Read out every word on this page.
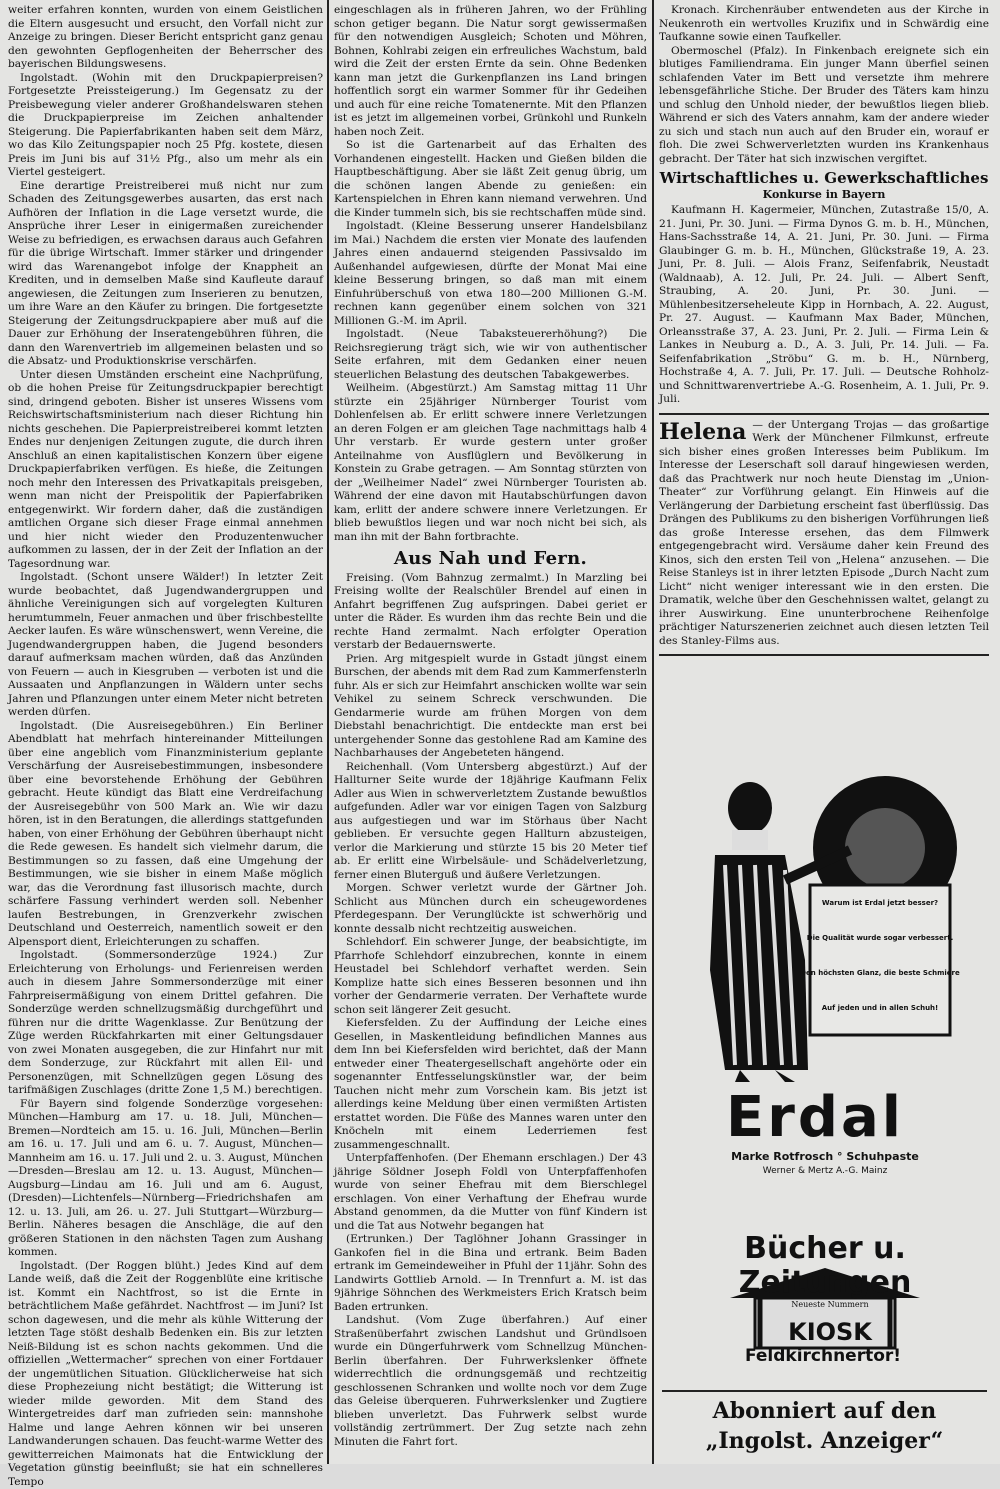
weiter erfahren konnten, wurden von einem Geistlichen die Eltern ausgesucht und ersucht, den Vorfall nicht zur Anzeige zu bringen. Dieser Bericht entspricht ganz genau den gewohnten Gepflogenheiten der Beherrscher des bayerischen Bildungswesens.

Ingolstadt. (Wohin mit den Druckpapierpreisen? Fortgesetzte Preissteigerung.) Im Gegensatz zu der Preisbewegung vieler anderer Großhandelswaren stehen die Druckpapierpreise im Zeichen anhaltender Steigerung. Die Papierfabrikanten haben seit dem März, wo das Kilo Zeitungspapier noch 25 Pfg. kostete, diesen Preis im Juni bis auf 31½ Pfg., also um mehr als ein Viertel gesteigert.

Eine derartige Preistreiberei muß nicht nur zum Schaden des Zeitungsgewerbes ausarten, das erst nach Aufhören der Inflation in die Lage versetzt wurde, die Ansprüche ihrer Leser in einigermaßen zureichender Weise zu befriedigen, es erwachsen daraus auch Gefahren für die übrige Wirtschaft. Immer stärker und dringender wird das Warenangebot infolge der Knappheit an Krediten, und in demselben Maße sind Kaufleute darauf angewiesen, die Zeitungen zum Inserieren zu benutzen, um ihre Ware an den Käufer zu bringen. Die fortgesetzte Steigerung der Zeitungsdruckpapiere aber muß auf die Dauer zur Erhöhung der Inseratengebühren führen, die dann den Warenvertrieb im allgemeinen belasten und so die Absatz- und Produktionskrise verschärfen.

Unter diesen Umständen erscheint eine Nachprüfung, ob die hohen Preise für Zeitungsdruckpapier berechtigt sind, dringend geboten. Bisher ist unseres Wissens vom Reichswirtschaftsministerium nach dieser Richtung hin nichts geschehen. Die Papierpreistreiberei kommt letzten Endes nur denjenigen Zeitungen zugute, die durch ihren Anschluß an einen kapitalistischen Konzern über eigene Druckpapierfabriken verfügen. Es hieße, die Zeitungen noch mehr den Interessen des Privatkapitals preisgeben, wenn man nicht der Preispolitik der Papierfabriken entgegenwirkt. Wir fordern daher, daß die zuständigen amtlichen Organe sich dieser Frage einmal annehmen und hier nicht wieder den Produzentenwucher aufkommen zu lassen, der in der Zeit der Inflation an der Tagesordnung war.

Ingolstadt. (Schont unsere Wälder!) In letzter Zeit wurde beobachtet, daß Jugendwandergruppen und ähnliche Vereinigungen sich auf vorgelegten Kulturen herumtummeln, Feuer anmachen und über frischbestellte Aecker laufen. Es wäre wünschenswert, wenn Vereine, die Jugendwandergruppen haben, die Jugend besonders darauf aufmerksam machen würden, daß das Anzünden von Feuern — auch in Kiesgruben — verboten ist und die Aussaaten und Anpflanzungen in Wäldern unter sechs Jahren und Pflanzungen unter einem Meter nicht betreten werden dürfen.

Ingolstadt. (Die Ausreisegebühren.) Ein Berliner Abendblatt hat mehrfach hintereinander Mitteilungen über eine angeblich vom Finanzministerium geplante Verschärfung der Ausreisebestimmungen, insbesondere über eine bevorstehende Erhöhung der Gebühren gebracht. Heute kündigt das Blatt eine Verdreifachung der Ausreisegebühr von 500 Mark an. Wie wir dazu hören, ist in den Beratungen, die allerdings stattgefunden haben, von einer Erhöhung der Gebühren überhaupt nicht die Rede gewesen. Es handelt sich vielmehr darum, die Bestimmungen so zu fassen, daß eine Umgehung der Bestimmungen, wie sie bisher in einem Maße möglich war, das die Verordnung fast illusorisch machte, durch schärfere Fassung verhindert werden soll. Nebenher laufen Bestrebungen, in Grenzverkehr zwischen Deutschland und Oesterreich, namentlich soweit er den Alpensport dient, Erleichterungen zu schaffen.

Ingolstadt. (Sommersonderzüge 1924.) Zur Erleichterung von Erholungs- und Ferienreisen werden auch in diesem Jahre Sommersonderzüge mit einer Fahrpreisermäßigung von einem Drittel gefahren. Die Sonderzüge werden schnellzugsmäßig durchgeführt und führen nur die dritte Wagenklasse. Zur Benützung der Züge werden Rückfahrkarten mit einer Geltungsdauer von zwei Monaten ausgegeben, die zur Hinfahrt nur mit dem Sonderzuge, zur Rückfahrt mit allen Eil- und Personenzügen, mit Schnellzügen gegen Lösung des tarifmäßigen Zuschlages (dritte Zone 1,5 M.) berechtigen.

Für Bayern sind folgende Sonderzüge vorgesehen: München—Hamburg am 17. u. 18. Juli, München—Bremen—Nordteich am 15. u. 16. Juli, München—Berlin am 16. u. 17. Juli und am 6. u. 7. August, München—Mannheim am 16. u. 17. Juli und 2. u. 3. August, München—Dresden—Breslau am 12. u. 13. August, München—Augsburg—Lindau am 16. Juli und am 6. August, (Dresden)—Lichtenfels—Nürnberg—Friedrichshafen am 12. u. 13. Juli, am 26. u. 27. Juli Stuttgart—Würzburg—Berlin. Näheres besagen die Anschläge, die auf den größeren Stationen in den nächsten Tagen zum Aushang kommen.

Ingolstadt. (Der Roggen blüht.) Jedes Kind auf dem Lande weiß, daß die Zeit der Roggenblüte eine kritische ist. Kommt ein Nachtfrost, so ist die Ernte in beträchtlichem Maße gefährdet. Nachtfrost — im Juni? Ist schon dagewesen, und die mehr als kühle Witterung der letzten Tage stößt deshalb Bedenken ein. Bis zur letzten Neiß-Bildung ist es schon nachts gekommen. Und die offiziellen „Wettermacher“ sprechen von einer Fortdauer der ungemütlichen Situation. Glücklicherweise hat sich diese Prophezeiung nicht bestätigt; die Witterung ist wieder milde geworden. Mit dem Stand des Wintergetreides darf man zufrieden sein: mannshohe Halme und lange Aehren können wir bei unseren Landwanderungen schauen. Das feucht-warme Wetter des gewitterreichen Maimonats hat die Entwicklung der Vegetation günstig beeinflußt; sie hat ein schnelleres Tempo

eingeschlagen als in früheren Jahren, wo der Frühling schon getiger begann. Die Natur sorgt gewissermaßen für den notwendigen Ausgleich; Schoten und Möhren, Bohnen, Kohlrabi zeigen ein erfreuliches Wachstum, bald wird die Zeit der ersten Ernte da sein. Ohne Bedenken kann man jetzt die Gurkenpflanzen ins Land bringen hoffentlich sorgt ein warmer Sommer für ihr Gedeihen und auch für eine reiche Tomatenernte. Mit den Pflanzen ist es jetzt im allgemeinen vorbei, Grünkohl und Runkeln haben noch Zeit.

So ist die Gartenarbeit auf das Erhalten des Vorhandenen eingestellt. Hacken und Gießen bilden die Hauptbeschäftigung. Aber sie läßt Zeit genug übrig, um die schönen langen Abende zu genießen: ein Kartenspielchen in Ehren kann niemand verwehren. Und die Kinder tummeln sich, bis sie rechtschaffen müde sind.

Ingolstadt. (Kleine Besserung unserer Handelsbilanz im Mai.) Nachdem die ersten vier Monate des laufenden Jahres einen andauernd steigenden Passivsaldo im Außenhandel aufgewiesen, dürfte der Monat Mai eine kleine Besserung bringen, so daß man mit einem Einfuhrüberschuß von etwa 180—200 Millionen G.-M. rechnen kann gegenüber einem solchen von 321 Millionen G.-M. im April.

Ingolstadt. (Neue Tabaksteuererhöhung?) Die Reichsregierung trägt sich, wie wir von authentischer Seite erfahren, mit dem Gedanken einer neuen steuerlichen Belastung des deutschen Tabakgewerbes.

Weilheim. (Abgestürzt.) Am Samstag mittag 11 Uhr stürzte ein 25jähriger Nürnberger Tourist vom Dohlenfelsen ab. Er erlitt schwere innere Verletzungen an deren Folgen er am gleichen Tage nachmittags halb 4 Uhr verstarb. Er wurde gestern unter großer Anteilnahme von Ausflüglern und Bevölkerung in Konstein zu Grabe getragen. — Am Sonntag stürzten von der „Weilheimer Nadel“ zwei Nürnberger Touristen ab. Während der eine davon mit Hautabschürfungen davon kam, erlitt der andere schwere innere Verletzungen. Er blieb bewußtlos liegen und war noch nicht bei sich, als man ihn mit der Bahn fortbrachte.

Aus Nah und Fern.

Freising. (Vom Bahnzug zermalmt.) In Marzling bei Freising wollte der Realschüler Brendel auf einen in Anfahrt begriffenen Zug aufspringen. Dabei geriet er unter die Räder. Es wurden ihm das rechte Bein und die rechte Hand zermalmt. Nach erfolgter Operation verstarb der Bedauernswerte.

Prien. Arg mitgespielt wurde in Gstadt jüngst einem Burschen, der abends mit dem Rad zum Kammerfensterln fuhr. Als er sich zur Heimfahrt anschicken wollte war sein Vehikel zu seinem Schreck verschwunden. Die Gendarmerie wurde am frühen Morgen von dem Diebstahl benachrichtigt. Die entdeckte man erst bei untergehender Sonne das gestohlene Rad am Kamine des Nachbarhauses der Angebeteten hängend.

Reichenhall. (Vom Untersberg abgestürzt.) Auf der Hallturner Seite wurde der 18jährige Kaufmann Felix Adler aus Wien in schwerverletztem Zustande bewußtlos aufgefunden. Adler war vor einigen Tagen von Salzburg aus aufgestiegen und war im Störhaus über Nacht geblieben. Er versuchte gegen Hallturn abzusteigen, verlor die Markierung und stürzte 15 bis 20 Meter tief ab. Er erlitt eine Wirbelsäule- und Schädelverletzung, ferner einen Bluterguß und äußere Verletzungen.

Morgen. Schwer verletzt wurde der Gärtner Joh. Schlicht aus München durch ein scheugewordenes Pferdegespann. Der Verunglückte ist schwerhörig und konnte dessalb nicht rechtzeitig ausweichen.

Schlehdorf. Ein schwerer Junge, der beabsichtigte, im Pfarrhofe Schlehdorf einzubrechen, konnte in einem Heustadel bei Schlehdorf verhaftet werden. Sein Komplize hatte sich eines Besseren besonnen und ihn vorher der Gendarmerie verraten. Der Verhaftete wurde schon seit längerer Zeit gesucht.

Kiefersfelden. Zu der Auffindung der Leiche eines Gesellen, in Maskentleidung befindlichen Mannes aus dem Inn bei Kiefersfelden wird berichtet, daß der Mann entweder einer Theatergesellschaft angehörte oder ein sogenannter Entfesselungskünstler war, der beim Tauchen nicht mehr zum Vorschein kam. Bis jetzt ist allerdings keine Meldung über einen vermißten Artisten erstattet worden. Die Füße des Mannes waren unter den Knöcheln mit einem Lederriemen fest zusammengeschnallt.

Unterpfaffenhofen. (Der Ehemann erschlagen.) Der 43 jährige Söldner Joseph Foldl von Unterpfaffenhofen wurde von seiner Ehefrau mit dem Bierschlegel erschlagen. Von einer Verhaftung der Ehefrau wurde Abstand genommen, da die Mutter von fünf Kindern ist und die Tat aus Notwehr begangen hat

(Ertrunken.) Der Taglöhner Johann Grassinger in Gankofen fiel in die Bina und ertrank. Beim Baden ertrank im Gemeindeweiher in Pfuhl der 11jähr. Sohn des Landwirts Gottlieb Arnold. — In Trennfurt a. M. ist das 9jährige Söhnchen des Werkmeisters Erich Kratsch beim Baden ertrunken.

Landshut. (Vom Zuge überfahren.) Auf einer Straßenüberfahrt zwischen Landshut und Gründlsoen wurde ein Düngerfuhrwerk vom Schnellzug München-Berlin überfahren. Der Fuhrwerkslenker öffnete widerrechtlich die ordnungsgemäß und rechtzeitig geschlossenen Schranken und wollte noch vor dem Zuge das Geleise überqueren. Fuhrwerkslenker und Zugtiere blieben unverletzt. Das Fuhrwerk selbst wurde vollständig zertrümmert. Der Zug setzte nach zehn Minuten die Fahrt fort.

Kronach. Kirchenräuber entwendeten aus der Kirche in Neukenroth ein wertvolles Kruzifix und in Schwärdig eine Taufkanne sowie einen Taufkeller.

Obermoschel (Pfalz). In Finkenbach ereignete sich ein blutiges Familiendrama. Ein junger Mann überfiel seinen schlafenden Vater im Bett und versetzte ihm mehrere lebensgefährliche Stiche. Der Bruder des Täters kam hinzu und schlug den Unhold nieder, der bewußtlos liegen blieb. Während er sich des Vaters annahm, kam der andere wieder zu sich und stach nun auch auf den Bruder ein, worauf er floh. Die zwei Schwerverletzten wurden ins Krankenhaus gebracht. Der Täter hat sich inzwischen vergiftet.

Wirtschaftliches u. Gewerkschaftliches
Konkurse in Bayern

Kaufmann H. Kagermeier, München, Zutastraße 15/0, A. 21. Juni, Pr. 30. Juni. — Firma Dynos G. m. b. H., München, Hans-Sachsstraße 14, A. 21. Juni, Pr. 30. Juni. — Firma Glaubinger G. m. b. H., München, Glückstraße 19, A. 23. Juni, Pr. 8. Juli. — Alois Franz, Seifenfabrik, Neustadt (Waldnaab), A. 12. Juli, Pr. 24. Juli. — Albert Senft, Straubing, A. 20. Juni, Pr. 30. Juni. — Mühlenbesitzerseheleute Kipp in Hornbach, A. 22. August, Pr. 27. August. — Kaufmann Max Bader, München, Orleansstraße 37, A. 23. Juni, Pr. 2. Juli. — Firma Lein & Lankes in Neuburg a. D., A. 3. Juli, Pr. 14. Juli. — Fa. Seifenfabrikation „Ströbu“ G. m. b. H., Nürnberg, Hochstraße 4, A. 7. Juli, Pr. 17. Juli. — Deutsche Rohholz- und Schnittwarenvertriebe A.-G. Rosenheim, A. 1. Juli, Pr. 9. Juli.

Helena — der Untergang Trojas — das großartige Werk der Münchener Filmkunst, erfreute sich bisher eines großen Interesses beim Publikum. Im Interesse der Leserschaft soll darauf hingewiesen werden, daß das Prachtwerk nur noch heute Dienstag im „Union-Theater“ zur Vorführung gelangt. Ein Hinweis auf die Verlängerung der Darbietung erscheint fast überflüssig. Das Drängen des Publikums zu den bisherigen Vorführungen ließ das große Interesse ersehen, das dem Filmwerk entgegengebracht wird. Versäume daher kein Freund des Kinos, sich den ersten Teil von „Helena“ anzusehen. — Die Reise Stanleys ist in ihrer letzten Episode „Durch Nacht zum Licht“ nicht weniger interessant wie in den ersten. Die Dramatik, welche über den Geschehnissen waltet, gelangt zu ihrer Auswirkung. Eine ununterbrochene Reihenfolge prächtiger Naturszenerien zeichnet auch diesen letzten Teil des Stanley-Films aus.
Warum ist Erdal jetzt besser?
Die Qualität wurde sogar verbessert.
Den höchsten Glanz, die beste Schmiere
Auf jeden und in allen Schuh!
Erdal
Marke Rotfrosch ° Schuhpaste
Werner & Mertz A.-G. Mainz
Bücher u. Zeitungen
Neueste Nummern
KIOSK
Feldkirchnertor!
Abonniert auf den
„Ingolst. Anzeiger“
